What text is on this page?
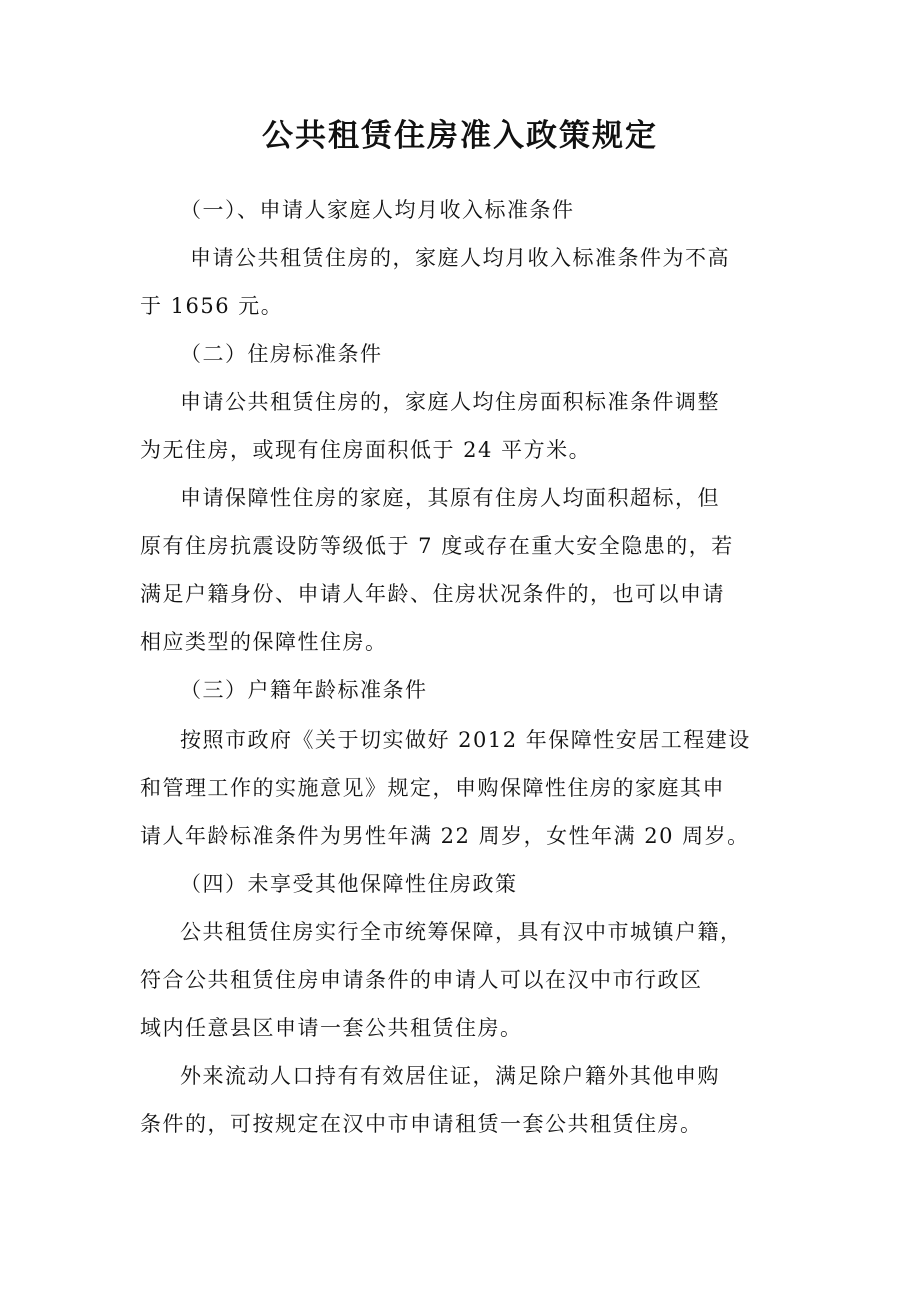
公共租赁住房准入政策规定

（一）、申请人家庭人均月收入标准条件

申请公共租赁住房的，家庭人均月收入标准条件为不高
于 1656 元。

（二）住房标准条件

申请公共租赁住房的，家庭人均住房面积标准条件调整
为无住房，或现有住房面积低于 24 平方米。
申请保障性住房的家庭，其原有住房人均面积超标，但
原有住房抗震设防等级低于 7 度或存在重大安全隐患的，若
满足户籍身份、申请人年龄、住房状况条件的，也可以申请
相应类型的保障性住房。

（三）户籍年龄标准条件

按照市政府《关于切实做好 2012 年保障性安居工程建设
和管理工作的实施意见》规定，申购保障性住房的家庭其申
请人年龄标准条件为男性年满 22 周岁，女性年满 20 周岁。

（四）未享受其他保障性住房政策

公共租赁住房实行全市统筹保障，具有汉中市城镇户籍，
符合公共租赁住房申请条件的申请人可以在汉中市行政区
域内任意县区申请一套公共租赁住房。
外来流动人口持有有效居住证，满足除户籍外其他申购
条件的，可按规定在汉中市申请租赁一套公共租赁住房。
